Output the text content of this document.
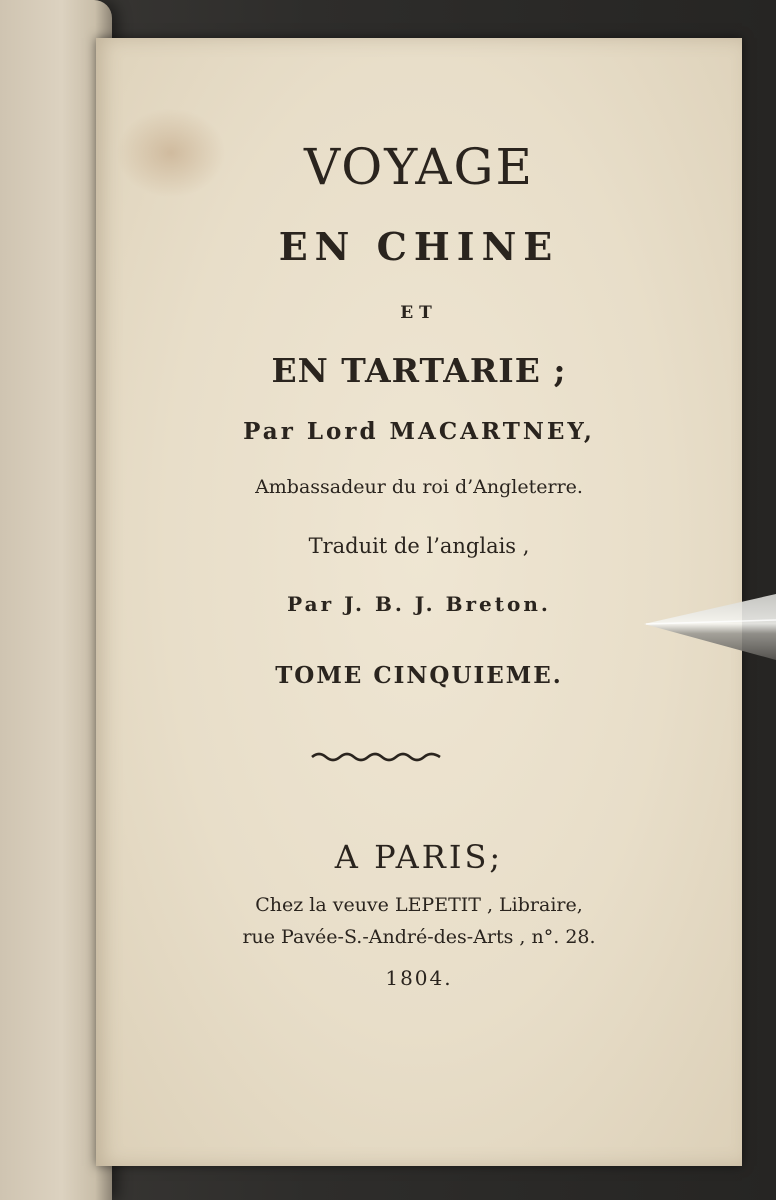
VOYAGE
EN CHINE
ET
EN TARTARIE ;
Par Lord MACARTNEY,
Ambassadeur du roi d’Angleterre.
Traduit de l’anglais ,
Par J. B. J. Breton.
TOME CINQUIEME.
A PARIS;
Chez la veuve LEPETIT , Libraire,
rue Pavée-S.-André-des-Arts , n°. 28.
1804.
